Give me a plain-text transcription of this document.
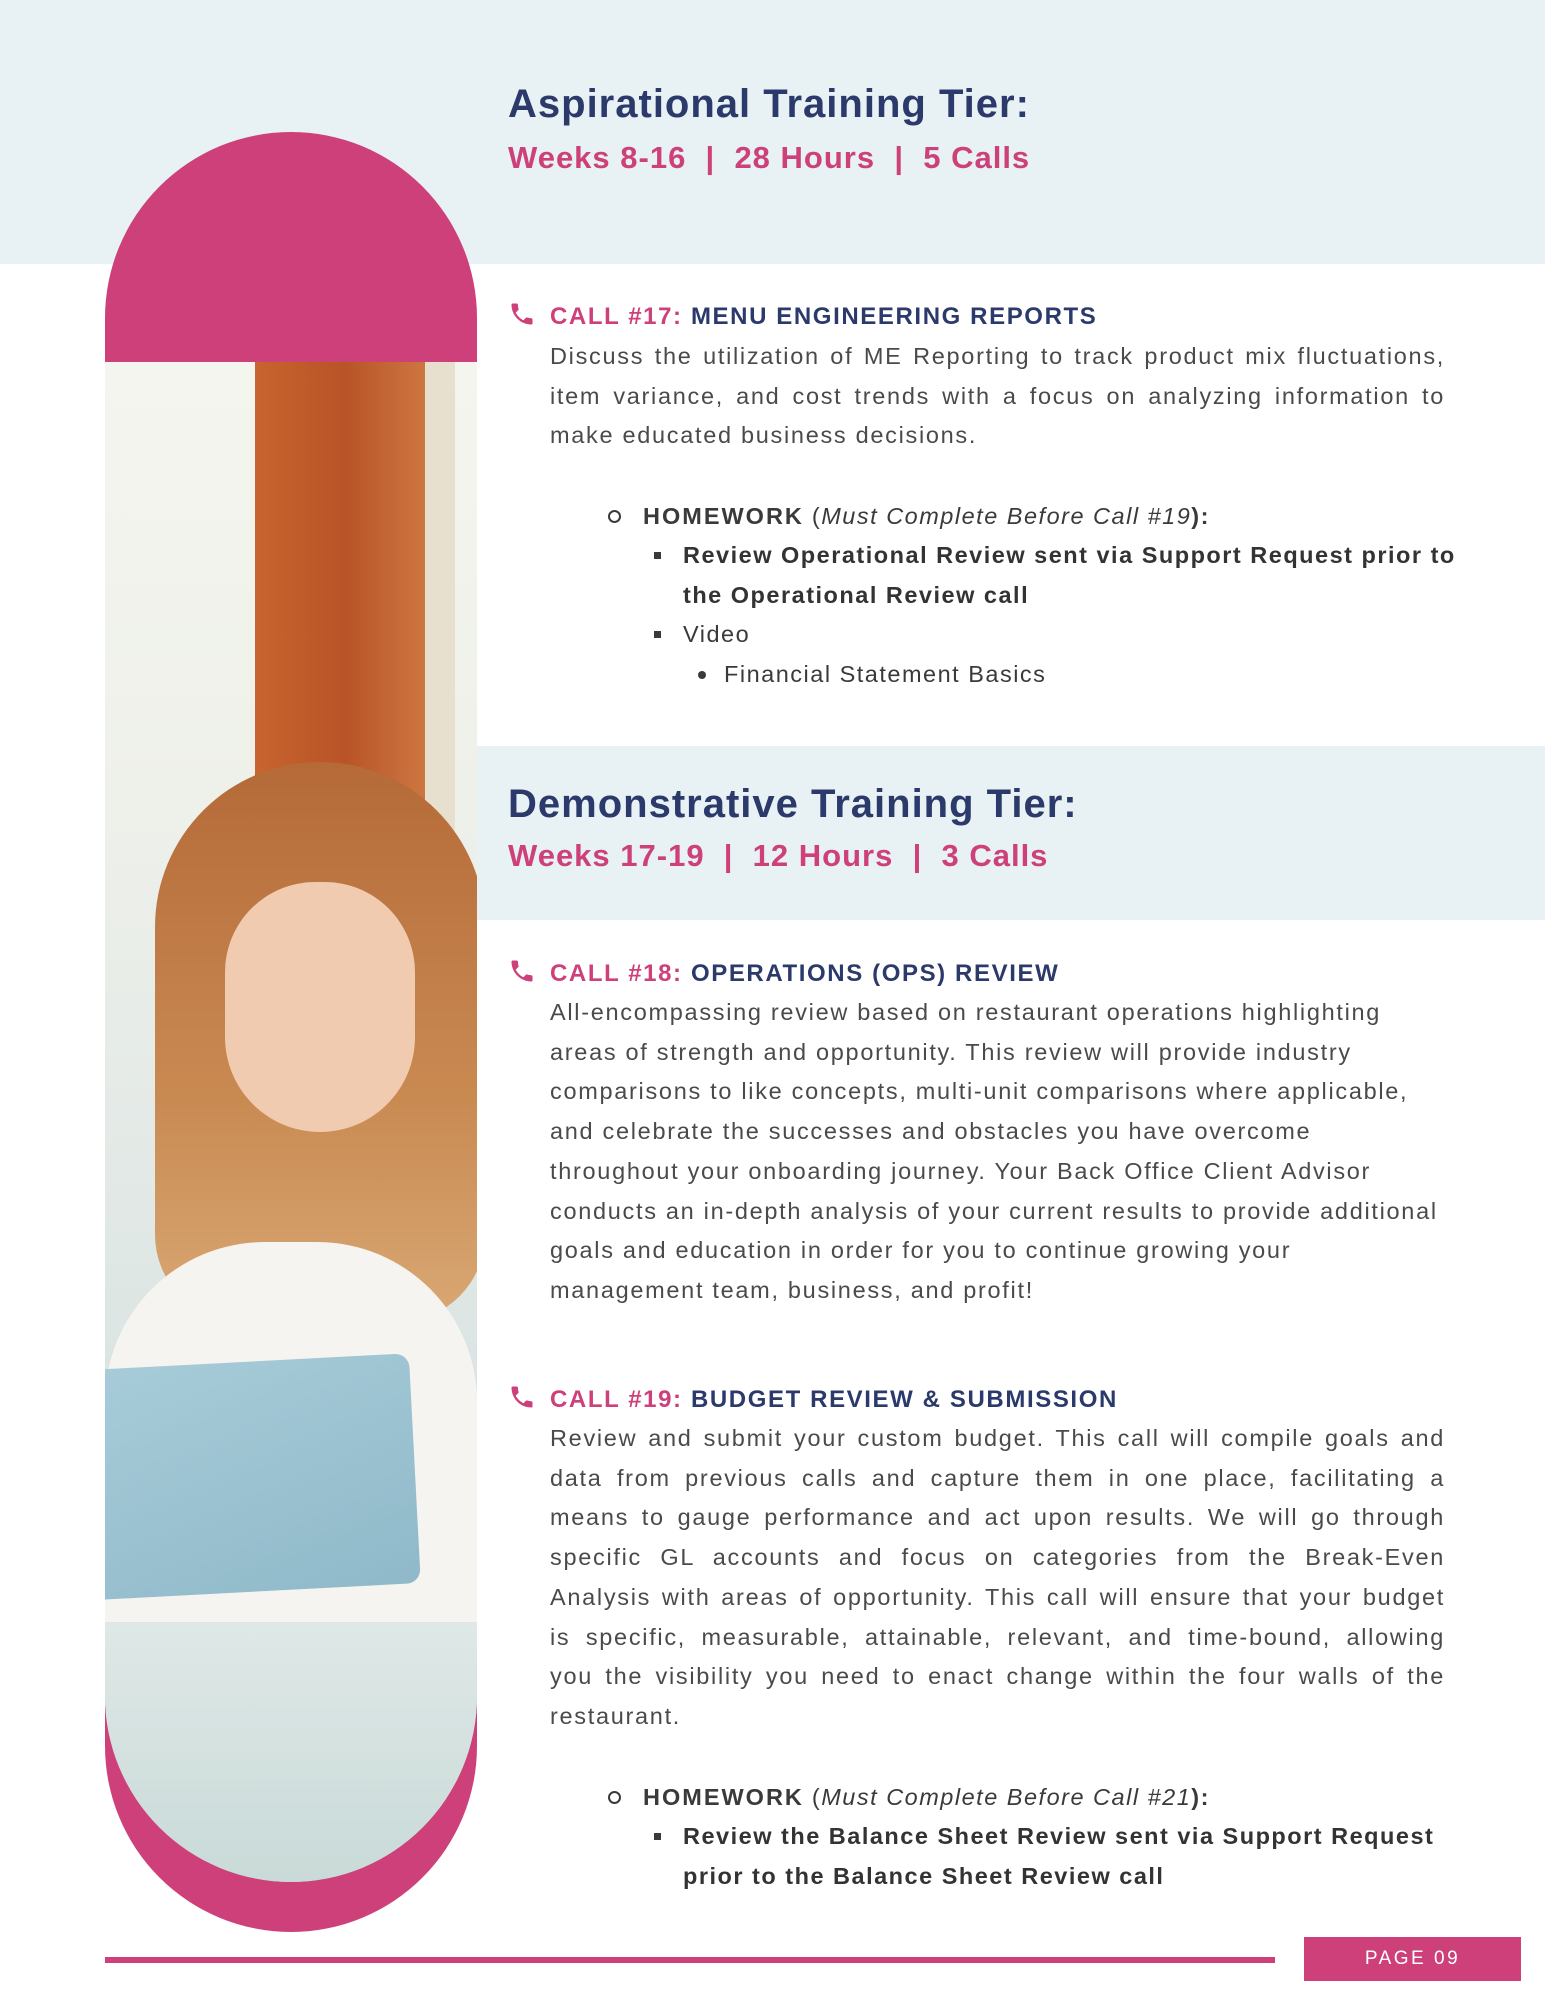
Aspirational Training Tier:
Weeks 8-16  |  28 Hours  |  5 Calls
CALL #17: MENU ENGINEERING REPORTS

Discuss the utilization of ME Reporting to track product mix fluctuations, item variance, and cost trends with a focus on analyzing information to make educated business decisions.

HOMEWORK (Must Complete Before Call #19):
Review Operational Review sent via Support Request prior to the Operational Review call
Video
Financial Statement Basics
Demonstrative Training Tier:
Weeks 17-19  |  12 Hours  |  3 Calls
CALL #18: OPERATIONS (OPS) REVIEW

All-encompassing review based on restaurant operations highlighting areas of strength and opportunity. This review will provide industry comparisons to like concepts, multi-unit comparisons where applicable, and celebrate the successes and obstacles you have overcome throughout your onboarding journey. Your Back Office Client Advisor conducts an in-depth analysis of your current results to provide additional goals and education in order for you to continue growing your management team, business, and profit!

CALL #19: BUDGET REVIEW & SUBMISSION

Review and submit your custom budget. This call will compile goals and data from previous calls and capture them in one place, facilitating a means to gauge performance and act upon results. We will go through specific GL accounts and focus on categories from the Break-Even Analysis with areas of opportunity. This call will ensure that your budget is specific, measurable, attainable, relevant, and time-bound, allowing you the visibility you need to enact change within the four walls of the restaurant.

HOMEWORK (Must Complete Before Call #21):
Review the Balance Sheet Review sent via Support Request prior to the Balance Sheet Review call
PAGE 09
